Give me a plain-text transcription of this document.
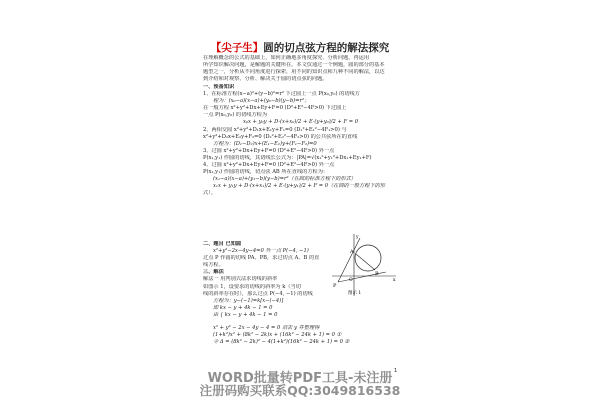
【尖子生】圆的切点弦方程的解法探究

在理解概念的公式的基础上，如何正确地多角度探究、分析问题，再运用

所学知识解决问题，是解题的关键所在。本文仅通过一个例题，圆的部分的基本

题型之一，分析从不同角度进行探索，用不同的知识点和九种不同的解法，以达

到介绍和对观察、分析、解决关于圆的切点弦的问题。

一、预备知识

1、在标准方程(x−a)²+(y−b)²=r² 下过圆上一点 P(x₀,y₀) 的切线方

程为：(x₀−a)(x−a)+(y₀−b)(y−b)=r²；

在一般方程 x²+y²+Dx+Ey+F=0 (D²+E²−4F>0) 下过圆上

一点 P(x₀,y₀) 的切线方程为

x₀x + y₀y + D·(x+x₀)/2 + E·(y+y₀)/2 + F = 0

2、两相交圆 x²+y²+D₁x+E₁y+F₁=0 (D₁²+E₁²−4F₁>0) 与

x²+y²+D₂x+E₂y+F₂=0 (D₂²+E₂²−4F₂>0) 的公共弦所在的直线

方程为：(D₁−D₂)x+(E₁−E₂)y+(F₁−F₂)=0

3、过圆 x²+y²+Dx+Ey+F=0 (D²+E²−4F>0) 外一点

P(x₁,y₁) 作圆的切线，其切线长公式为：|PA|=√(x₁²+y₁²+Dx₁+Ey₁+F)

4、过圆 x²+y²+Dx+Ey+F=0 (D²+E²−4F>0) 外一点

P(x₁,y₁) 作圆的切线，切点弦 AB 所在直线的方程为：

(x₁−a)(x−a)+(y₁−b)(y−b)=r²（在圆的标准方程下的形式）

x₁x + y₁y + D·(x+x₁)/2 + E·(y+y₁)/2 + F = 0（在圆的一般方程下的形

式）。

二、题目 已知圆

x²+y²−2x−4y−4=0 外一点 P(−4, −1)

过点 P 作圆的切线 PA、PB，求过切点 A、B 的直

线方程。

三、解法

解法一 用判别式法求切线的斜率

如图示 1，设要求的切线的斜率为 k（当切

线的斜率存在时），那么过点 P(−4, −1) 的切线

方程为：y−(−1)=k[x−(−4)]

即 kx − y + 4k − 1 = 0

由 { kx − y + 4k − 1 = 0

x² + y² − 2x − 4y − 4 = 0 消去 y 并整理得

(1+k²)x² + (8k² − 2k)x + (16k² − 24k + 1) = 0 ①

令 Δ = (8k² − 2k)² − 4(1+k²)(16k² − 24k + 1) = 0 ②

P
A
B
O	x
y
图示 1
1
WORD批量转PDF工具-未注册
注册码购买联系QQ:3049816538
